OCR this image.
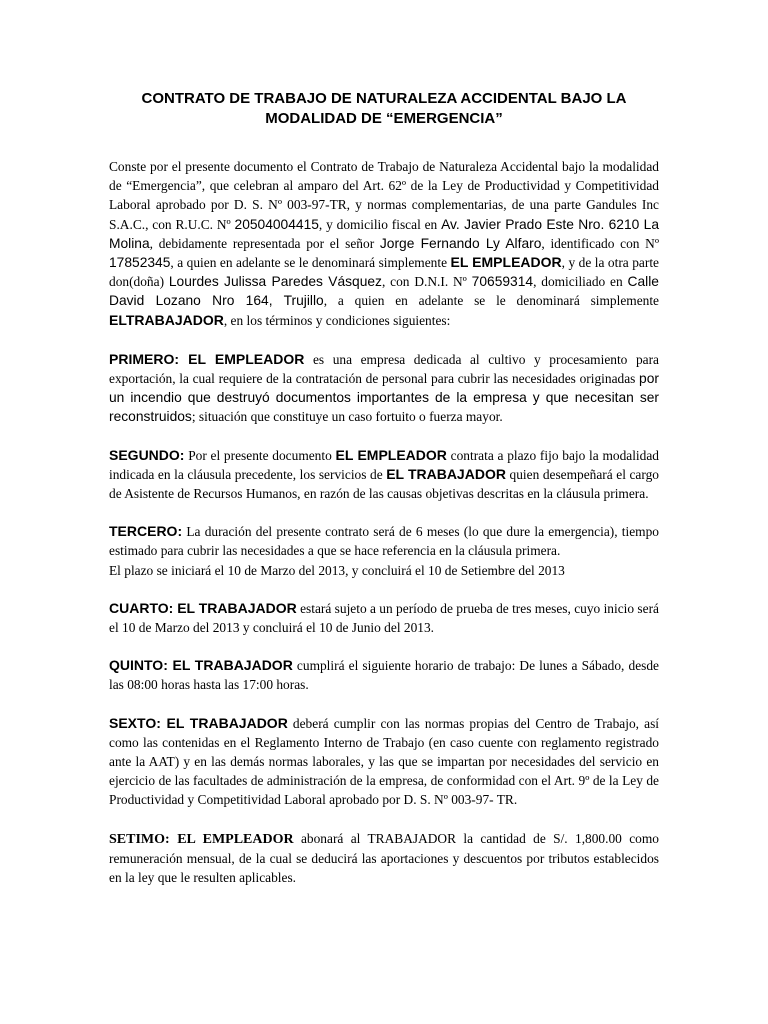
CONTRATO DE TRABAJO DE NATURALEZA ACCIDENTAL BAJO LA
MODALIDAD DE “EMERGENCIA”

Conste por el presente documento el Contrato de Trabajo de Naturaleza Accidental bajo la modalidad de “Emergencia”, que celebran al amparo del Art. 62º de la Ley de Productividad y Competitividad Laboral aprobado por D. S. Nº 003-97-TR, y normas complementarias, de una parte Gandules Inc S.A.C., con R.U.C. Nº 20504004415, y domicilio fiscal en Av. Javier Prado Este Nro. 6210 La Molina, debidamente representada por el señor Jorge Fernando Ly Alfaro, identificado con Nº 17852345, a quien en adelante se le denominará simplemente EL EMPLEADOR, y de la otra parte don(doña) Lourdes Julissa Paredes Vásquez, con D.N.I. Nº 70659314, domiciliado en Calle David Lozano Nro 164, Trujillo, a quien en adelante se le denominará simplemente ELTRABAJADOR, en los términos y condiciones siguientes:

PRIMERO: EL EMPLEADOR es una empresa dedicada al cultivo y procesamiento para exportación, la cual requiere de la contratación de personal para cubrir las necesidades originadas por un incendio que destruyó documentos importantes de la empresa y que necesitan ser reconstruidos; situación que constituye un caso fortuito o fuerza mayor.

SEGUNDO: Por el presente documento EL EMPLEADOR contrata a plazo fijo bajo la modalidad indicada en la cláusula precedente, los servicios de EL TRABAJADOR quien desempeñará el cargo de Asistente de Recursos Humanos, en razón de las causas objetivas descritas en la cláusula primera.

TERCERO: La duración del presente contrato será de 6 meses (lo que dure la emergencia), tiempo estimado para cubrir las necesidades a que se hace referencia en la cláusula primera.
El plazo se iniciará el 10 de Marzo del 2013, y concluirá el 10 de Setiembre del 2013

CUARTO: EL TRABAJADOR estará sujeto a un período de prueba de tres meses, cuyo inicio será el 10 de Marzo del 2013 y concluirá el 10 de Junio del 2013.

QUINTO: EL TRABAJADOR cumplirá el siguiente horario de trabajo: De lunes a Sábado, desde las 08:00 horas hasta las 17:00 horas.

SEXTO: EL TRABAJADOR deberá cumplir con las normas propias del Centro de Trabajo, así como las contenidas en el Reglamento Interno de Trabajo (en caso cuente con reglamento registrado ante la AAT) y en las demás normas laborales, y las que se impartan por necesidades del servicio en ejercicio de las facultades de administración de la empresa, de conformidad con el Art. 9º de la Ley de Productividad y Competitividad Laboral aprobado por D. S. Nº 003-97- TR.

SETIMO: EL EMPLEADOR abonará al TRABAJADOR la cantidad de S/. 1,800.00 como remuneración mensual, de la cual se deducirá las aportaciones y descuentos por tributos establecidos en la ley que le resulten aplicables.
